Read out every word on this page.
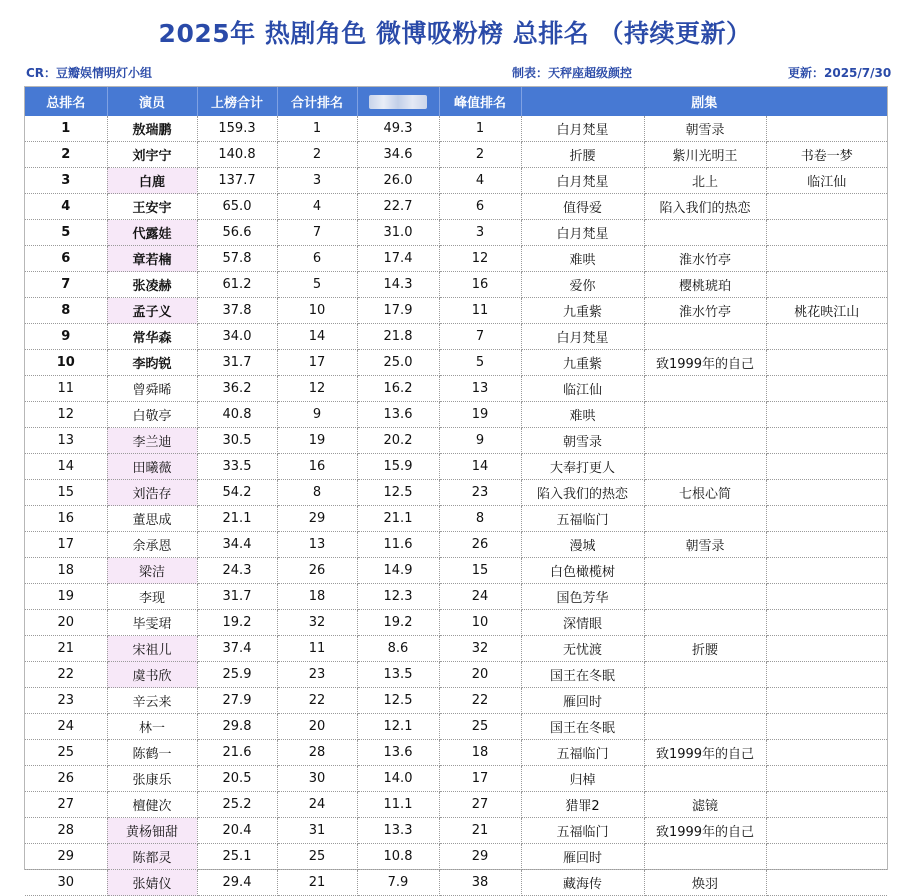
2025年 热剧角色 微博吸粉榜 总排名 （持续更新）
CR：豆瓣娱情明灯小组	制表：天秤座超级颜控	更新：2025/7/30
总排名	演员	上榜合计	合计排名		峰值排名	剧集		
1	敖瑞鹏	159.3	1	49.3	1	白月梵星	朝雪录	
2	刘宇宁	140.8	2	34.6	2	折腰	紫川光明王	书卷一梦
3	白鹿	137.7	3	26.0	4	白月梵星	北上	临江仙
4	王安宇	65.0	4	22.7	6	值得爱	陷入我们的热恋	
5	代露娃	56.6	7	31.0	3	白月梵星		
6	章若楠	57.8	6	17.4	12	难哄	淮水竹亭	
7	张凌赫	61.2	5	14.3	16	爱你	樱桃琥珀	
8	孟子义	37.8	10	17.9	11	九重紫	淮水竹亭	桃花映江山
9	常华森	34.0	14	21.8	7	白月梵星		
10	李昀锐	31.7	17	25.0	5	九重紫	致1999年的自己	
11	曾舜晞	36.2	12	16.2	13	临江仙		
12	白敬亭	40.8	9	13.6	19	难哄		
13	李兰迪	30.5	19	20.2	9	朝雪录		
14	田曦薇	33.5	16	15.9	14	大奉打更人		
15	刘浩存	54.2	8	12.5	23	陷入我们的热恋	七根心简	
16	董思成	21.1	29	21.1	8	五福临门		
17	余承恩	34.4	13	11.6	26	漫城	朝雪录	
18	梁洁	24.3	26	14.9	15	白色橄榄树		
19	李现	31.7	18	12.3	24	国色芳华		
20	毕雯珺	19.2	32	19.2	10	深情眼		
21	宋祖儿	37.4	11	8.6	32	无忧渡	折腰	
22	虞书欣	25.9	23	13.5	20	国王在冬眠		
23	辛云来	27.9	22	12.5	22	雁回时		
24	林一	29.8	20	12.1	25	国王在冬眠		
25	陈鹤一	21.6	28	13.6	18	五福临门	致1999年的自己	
26	张康乐	20.5	30	14.0	17	归棹		
27	檀健次	25.2	24	11.1	27	猎罪2	滤镜	
28	黄杨钿甜	20.4	31	13.3	21	五福临门	致1999年的自己	
29	陈都灵	25.1	25	10.8	29	雁回时		
30	张婧仪	29.4	21	7.9	38	藏海传	焕羽	
